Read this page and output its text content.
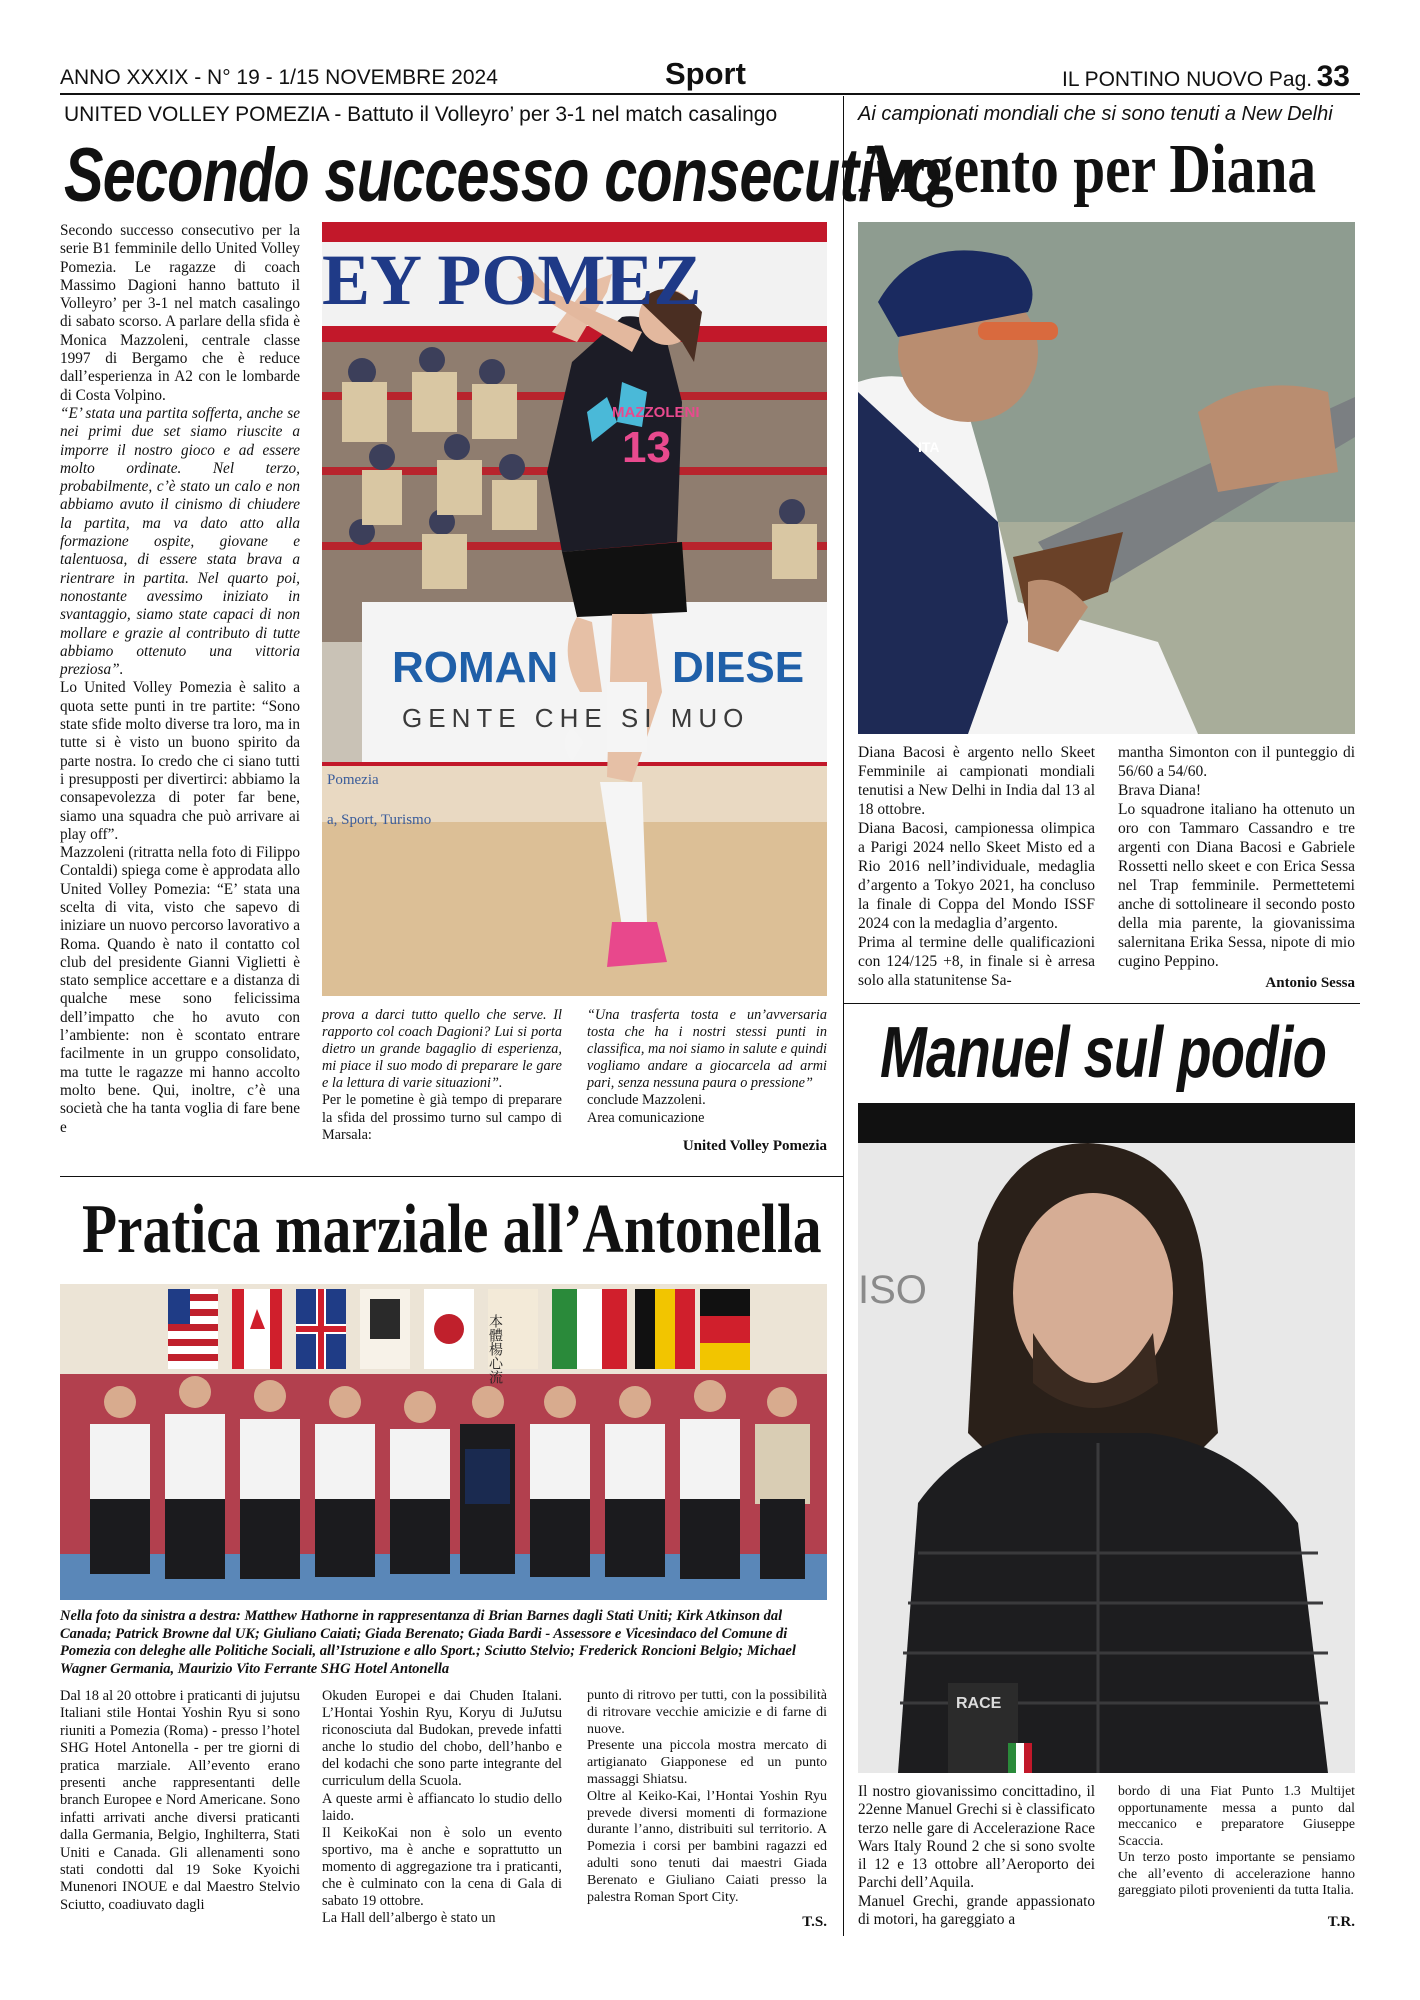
ANNO XXXIX - N° 19 - 1/15 NOVEMBRE 2024	Sport	IL PONTINO NUOVO Pag. 33
UNITED VOLLEY POMEZIA - Battuto il Volleyro’ per 3-1 nel match casalingo
Secondo successo consecutivo

Secondo successo consecutivo per la serie B1 femminile dello United Volley Pomezia. Le ragazze di coach Massimo Dagioni hanno battuto il Volleyro’ per 3-1 nel match casalingo di sabato scorso. A parlare della sfida è Monica Mazzoleni, centrale classe 1997 di Bergamo che è reduce dall’esperienza in A2 con le lombarde di Costa Volpino.

“E’ stata una partita sofferta, anche se nei primi due set siamo riuscite a imporre il nostro gioco e ad essere molto ordinate. Nel terzo, probabilmente, c’è stato un calo e non abbiamo avuto il cinismo di chiudere la partita, ma va dato atto alla formazione ospite, giovane e talentuosa, di essere stata brava a rientrare in partita. Nel quarto poi, nonostante avessimo iniziato in svantaggio, siamo state capaci di non mollare e grazie al contributo di tutte abbiamo ottenuto una vittoria preziosa”.

Lo United Volley Pomezia è salito a quota sette punti in tre partite: “Sono state sfide molto diverse tra loro, ma in tutte si è visto un buono spirito da parte nostra. Io credo che ci siano tutti i presupposti per divertirci: abbiamo la consapevolezza di poter far bene, siamo una squadra che può arrivare ai play off”.

Mazzoleni (ritratta nella foto di Filippo Contaldi) spiega come è approdata allo United Volley Pomezia: “E’ stata una scelta di vita, visto che sapevo di iniziare un nuovo percorso lavorativo a Roma. Quando è nato il contatto col club del presidente Gianni Viglietti è stato semplice accettare e a distanza di qualche mese sono felicissima dell’impatto che ho avuto con l’ambiente: non è scontato entrare facilmente in un gruppo consolidato, ma tutte le ragazze mi hanno accolto molto bene. Qui, inoltre, c’è una società che ha tanta voglia di fare bene e

EY POMEZ
ROMAN	DIESE
GENTE CHE SI MUO
MAZZOLENI
13
Pomezia
a, Sport, Turismo

prova a darci tutto quello che serve. Il rapporto col coach Dagioni? Lui si porta dietro un grande bagaglio di esperienza, mi piace il suo modo di preparare le gare e la lettura di varie situazioni”.

Per le pometine è già tempo di preparare la sfida del prossimo turno sul campo di Marsala:

“Una trasferta tosta e un’avversaria tosta che ha i nostri stessi punti in classifica, ma noi siamo in salute e quindi vogliamo andare a giocarcela ad armi pari, senza nessuna paura o pressione”

conclude Mazzoleni.

Area comunicazione

United Volley Pomezia
Ai campionati mondiali che si sono tenuti a New Delhi
Argento per Diana
ITA

Diana Bacosi è argento nello Skeet Femminile ai campionati mondiali tenutisi a New Delhi in India dal 13 al 18 ottobre.

Diana Bacosi, campionessa olimpica a Parigi 2024 nello Skeet Misto ed a Rio 2016 nell’individuale, medaglia d’argento a Tokyo 2021, ha concluso la finale di Coppa del Mondo ISSF 2024 con la medaglia d’argento.

Prima al termine delle qualificazioni con 124/125 +8, in finale si è arresa solo alla statunitense Sa-

mantha Simonton con il punteggio di 56/60 a 54/60.

Brava Diana!

Lo squadrone italiano ha ottenuto un oro con Tammaro Cassandro e tre argenti con Diana Bacosi e Gabriele Rossetti nello skeet e con Erica Sessa nel Trap femminile. Permettetemi anche di sottolineare il secondo posto della mia parente, la giovanissima salernitana Erika Sessa, nipote di mio cugino Peppino.

Antonio Sessa
Manuel sul podio
ISO
RACE

Il nostro giovanissimo concittadino, il 22enne Manuel Grechi si è classificato terzo nelle gare di Accelerazione Race Wars Italy Round 2 che si sono svolte il 12 e 13 ottobre all’Aeroporto dei Parchi dell’Aquila.

Manuel Grechi, grande appassionato di motori, ha gareggiato a

bordo di una Fiat Punto 1.3 Multijet opportunamente messa a punto dal meccanico e preparatore Giuseppe Scaccia.

Un terzo posto importante se pensiamo che all’evento di accelerazione hanno gareggiato piloti provenienti da tutta Italia.

T.R.
Pratica marziale all’Antonella
本體楊心流
Nella foto da sinistra a destra: Matthew Hathorne in rappresentanza di Brian Barnes dagli Stati Uniti; Kirk Atkinson dal Canada; Patrick Browne dal UK; Giuliano Caiati; Giada Berenato; Giada Bardi - Assessore e Vicesindaco del Comune di Pomezia con deleghe alle Politiche Sociali, all’Istruzione e allo Sport.; Sciutto Stelvio; Frederick Roncioni Belgio; Michael Wagner Germania, Maurizio Vito Ferrante SHG Hotel Antonella

Dal 18 al 20 ottobre i praticanti di jujutsu Italiani stile Hontai Yoshin Ryu si sono riuniti a Pomezia (Roma) - presso l’hotel SHG Hotel Antonella - per tre giorni di pratica marziale. All’evento erano presenti anche rappresentanti delle branch Europee e Nord Americane. Sono infatti arrivati anche diversi praticanti dalla Germania, Belgio, Inghilterra, Stati Uniti e Canada. Gli allenamenti sono stati condotti dal 19 Soke Kyoichi Munenori INOUE e dal Maestro Stelvio Sciutto, coadiuvato dagli

Okuden Europei e dai Chuden Italani. L’Hontai Yoshin Ryu, Koryu di JuJutsu riconosciuta dal Budokan, prevede infatti anche lo studio del chobo, dell’hanbo e del kodachi che sono parte integrante del curriculum della Scuola.

A queste armi è affiancato lo studio dello laido.

Il KeikoKai non è solo un evento sportivo, ma è anche e soprattutto un momento di aggregazione tra i praticanti, che è culminato con la cena di Gala di sabato 19 ottobre.

La Hall dell’albergo è stato un

punto di ritrovo per tutti, con la possibilità di ritrovare vecchie amicizie e di farne di nuove.

Presente una piccola mostra mercato di artigianato Giapponese ed un punto massaggi Shiatsu.

Oltre al Keiko-Kai, l’Hontai Yoshin Ryu prevede diversi momenti di formazione durante l’anno, distribuiti sul territorio. A Pomezia i corsi per bambini ragazzi ed adulti sono tenuti dai maestri Giada Berenato e Giuliano Caiati presso la palestra Roman Sport City.

T.S.
